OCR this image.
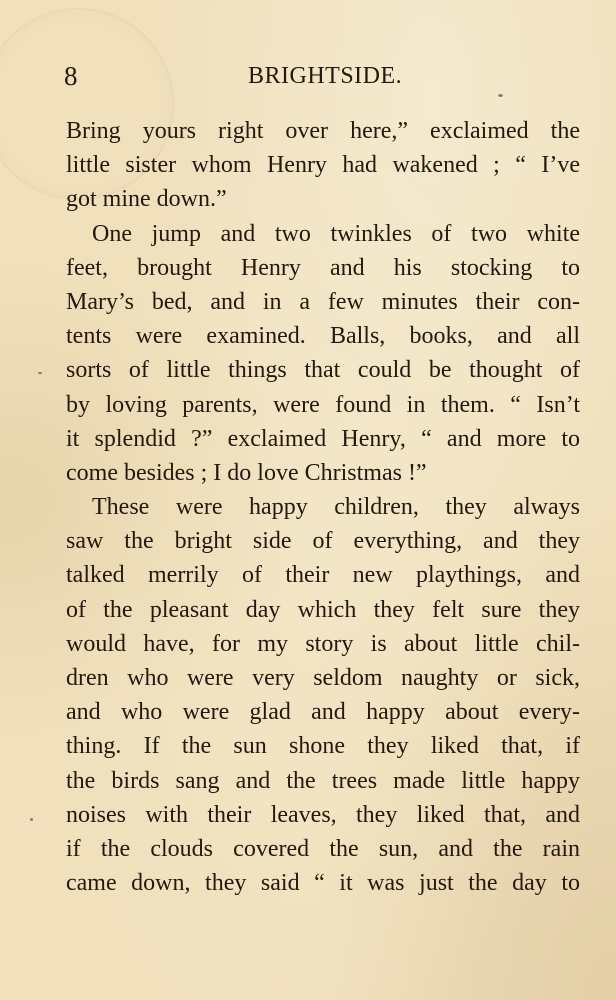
8	BRIGHTSIDE.
Bring yours right over here,” exclaimed the
little sister whom Henry had wakened ; “ I’ve
got mine down.”
One jump and two twinkles of two white
feet, brought Henry and his stocking to
Mary’s bed, and in a few minutes their con-
tents were examined. Balls, books, and all
sorts of little things that could be thought of
by loving parents, were found in them. “ Isn’t
it splendid ?” exclaimed Henry, “ and more to
come besides ; I do love Christmas !”
These were happy children, they always
saw the bright side of everything, and they
talked merrily of their new playthings, and
of the pleasant day which they felt sure they
would have, for my story is about little chil-
dren who were very seldom naughty or sick,
and who were glad and happy about every-
thing. If the sun shone they liked that, if
the birds sang and the trees made little happy
noises with their leaves, they liked that, and
if the clouds covered the sun, and the rain
came down, they said “ it was just the day to
